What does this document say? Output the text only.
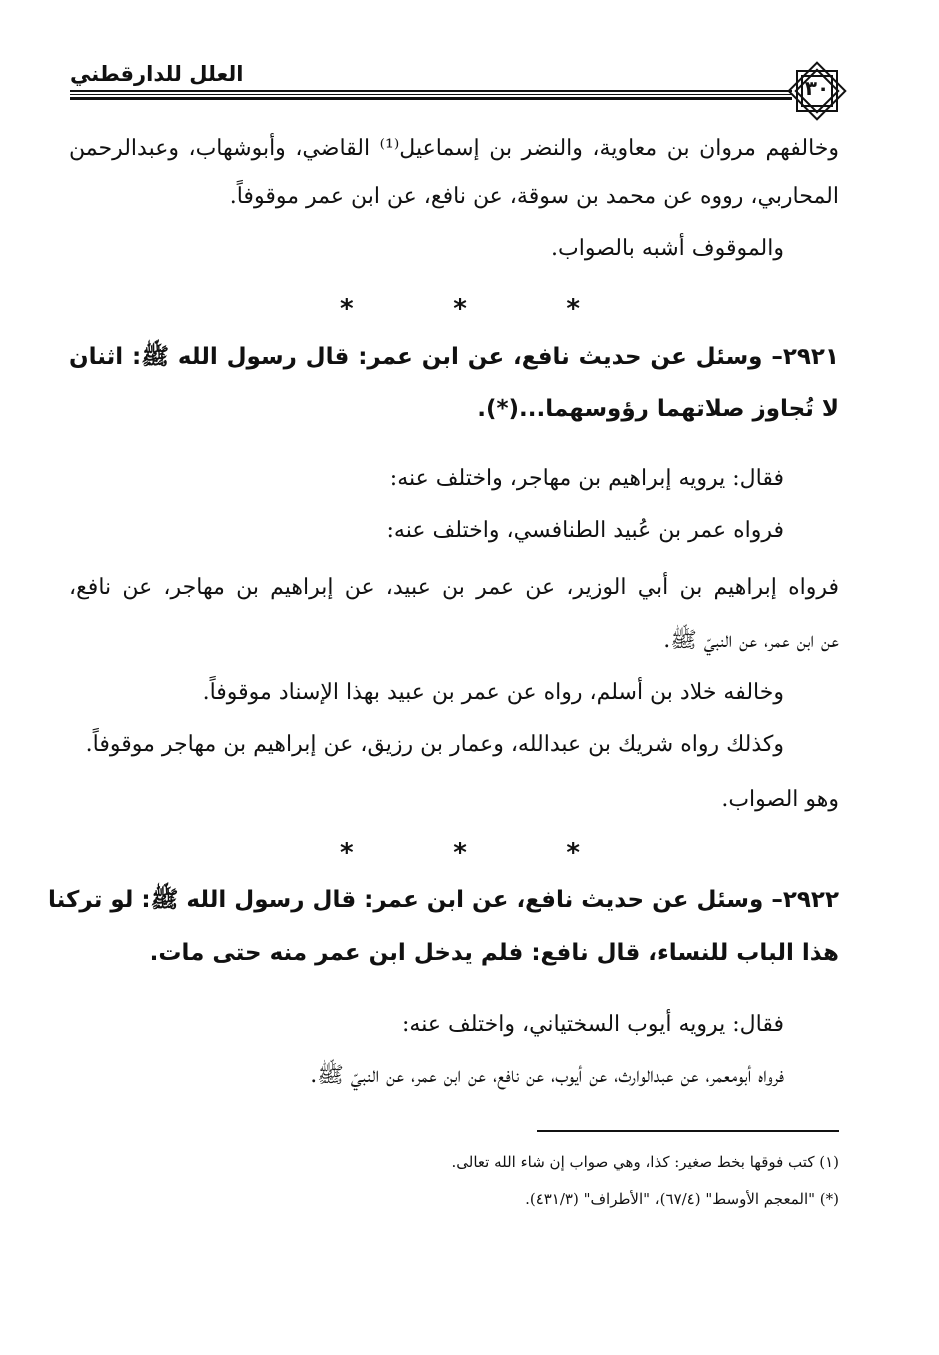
العلل للدارقطني
٣٠
وخالفهم مروان بن معاوية، والنضر بن إسماعيل⁽¹⁾ القاضي، وأبوشهاب، وعبدالرحمن
المحاربي، رووه عن محمد بن سوقة، عن نافع، عن ابن عمر موقوفاً.
والموقوف أشبه بالصواب.
*	*	*
٢٩٢١– وسئل عن حديث نافع، عن ابن عمر: قال رسول الله ﷺ: اثنان
لا تُجاوز صلاتهما رؤوسهما...(*).
فقال: يرويه إبراهيم بن مهاجر، واختلف عنه:
فرواه عمر بن عُبيد الطنافسي، واختلف عنه:
فرواه إبراهيم بن أبي الوزير، عن عمر بن عبيد، عن إبراهيم بن مهاجر، عن نافع،
عن ابن عمر، عن النبيّ ﷺ.
وخالفه خلاد بن أسلم، رواه عن عمر بن عبيد بهذا الإسناد موقوفاً.
وكذلك رواه شريك بن عبدالله، وعمار بن رزيق، عن إبراهيم بن مهاجر موقوفاً.
وهو الصواب.
*	*	*
٢٩٢٢– وسئل عن حديث نافع، عن ابن عمر: قال رسول الله ﷺ: لو تركنا
هذا الباب للنساء، قال نافع: فلم يدخل ابن عمر منه حتى مات.
فقال: يرويه أيوب السختياني، واختلف عنه:
فرواه أبومعمر، عن عبدالوارث، عن أيوب، عن نافع، عن ابن عمر، عن النبيّ ﷺ.
(١) كتب فوقها بخط صغير: كذا، وهي صواب إن شاء الله تعالى.
(*) "المعجم الأوسط" (٦٧/٤)، "الأطراف" (٤٣١/٣).
